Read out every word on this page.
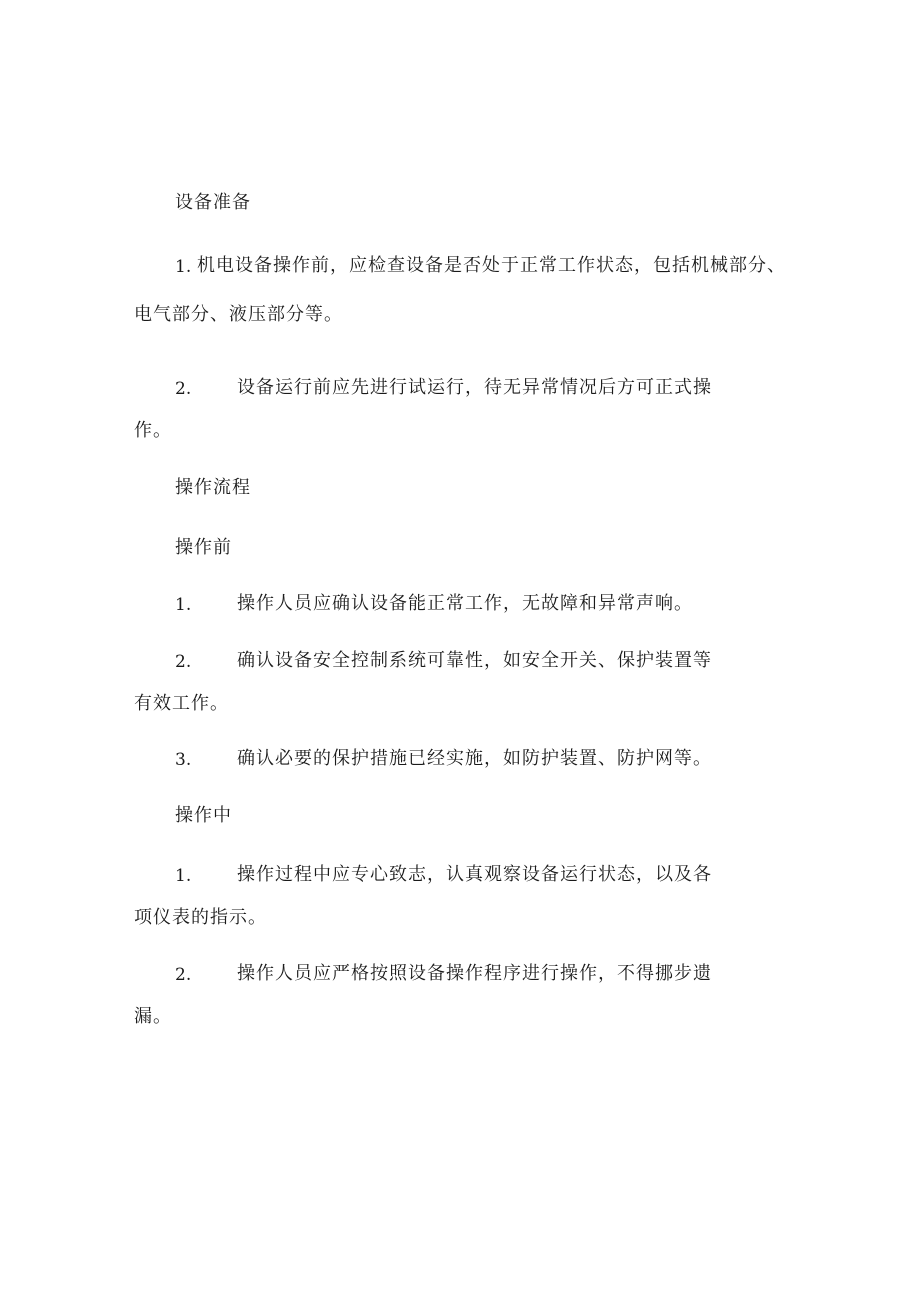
设备准备
1. 机电设备操作前，应检查设备是否处于正常工作状态，包括机械部分、
电气部分、液压部分等。
2.	设备运行前应先进行试运行，待无异常情况后方可正式操
作。
操作流程
操作前
1.	操作人员应确认设备能正常工作，无故障和异常声响。
2.	确认设备安全控制系统可靠性，如安全开关、保护装置等
有效工作。
3.	确认必要的保护措施已经实施，如防护装置、防护网等。
操作中
1.	操作过程中应专心致志，认真观察设备运行状态，以及各
项仪表的指示。
2.	操作人员应严格按照设备操作程序进行操作，不得挪步遗
漏。
